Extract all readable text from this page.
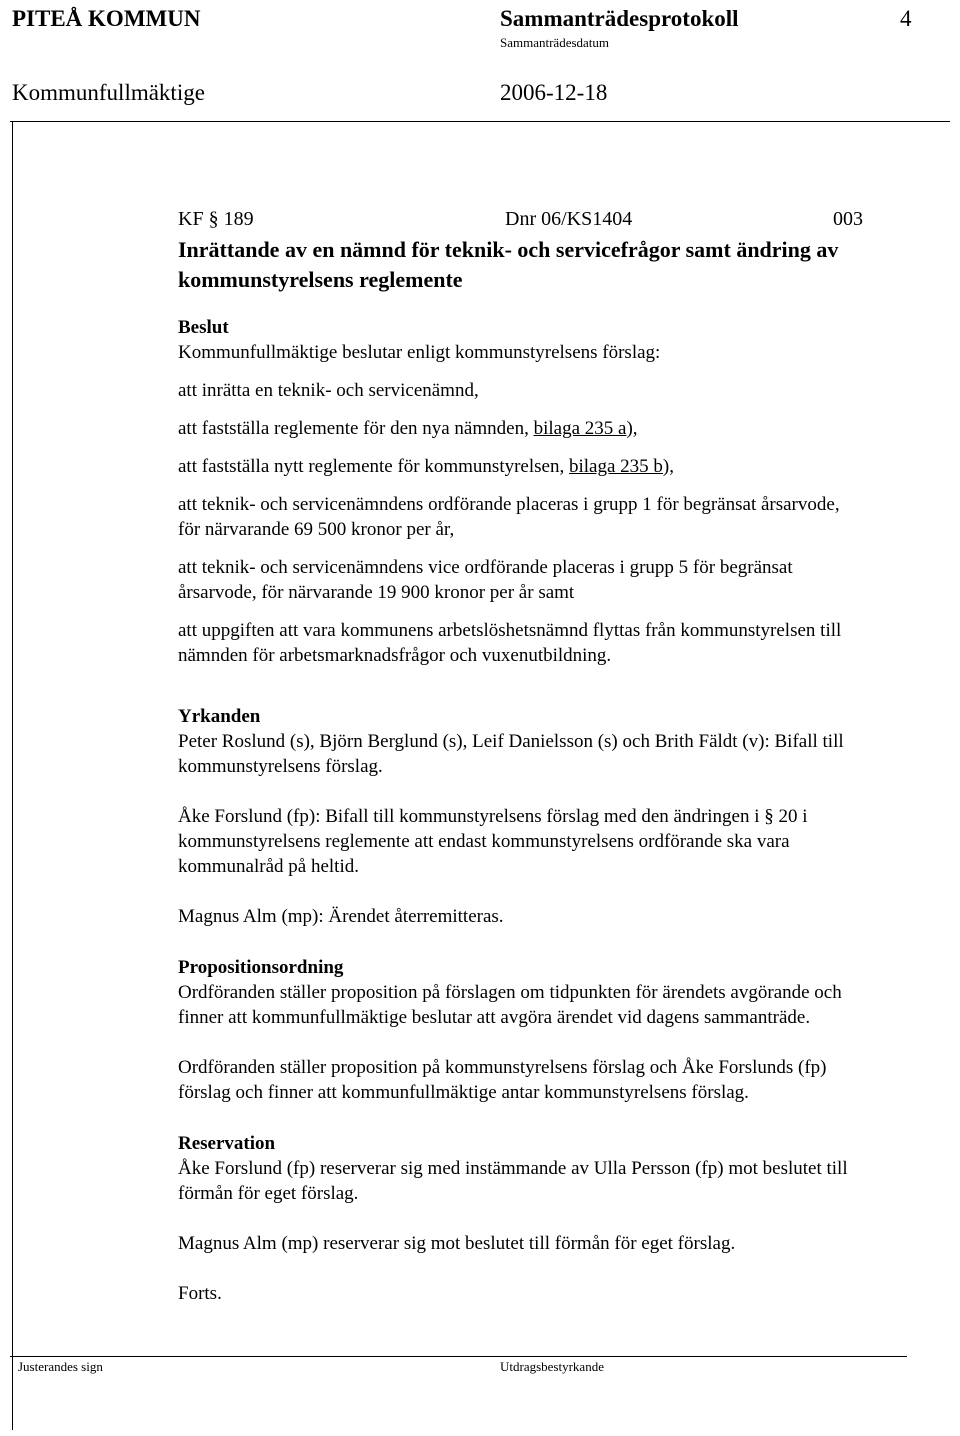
PITEÅ KOMMUN	Sammanträdesprotokoll	4
Sammanträdesdatum
Kommunfullmäktige	2006-12-18
KF § 189	Dnr 06/KS1404	003
Inrättande av en nämnd för teknik- och servicefrågor samt ändring av
kommunstyrelsens reglemente

Beslut

Kommunfullmäktige beslutar enligt kommunstyrelsens förslag:

att inrätta en teknik- och servicenämnd,

att fastställa reglemente för den nya nämnden, bilaga 235 a),

att fastställa nytt reglemente för kommunstyrelsen, bilaga 235 b),

att teknik- och servicenämndens ordförande placeras i grupp 1 för begränsat årsarvode,

för närvarande 69 500 kronor per år,

att teknik- och servicenämndens vice ordförande placeras i grupp 5 för begränsat

årsarvode, för närvarande 19 900 kronor per år samt

att uppgiften att vara kommunens arbetslöshetsnämnd flyttas från kommunstyrelsen till

nämnden för arbetsmarknadsfrågor och vuxenutbildning.

Yrkanden

Peter Roslund (s), Björn Berglund (s), Leif Danielsson (s) och Brith Fäldt (v): Bifall till

kommunstyrelsens förslag.

Åke Forslund (fp): Bifall till kommunstyrelsens förslag med den ändringen i § 20 i

kommunstyrelsens reglemente att endast kommunstyrelsens ordförande ska vara

kommunalråd på heltid.

Magnus Alm (mp): Ärendet återremitteras.

Propositionsordning

Ordföranden ställer proposition på förslagen om tidpunkten för ärendets avgörande och

finner att kommunfullmäktige beslutar att avgöra ärendet vid dagens sammanträde.

Ordföranden ställer proposition på kommunstyrelsens förslag och Åke Forslunds (fp)

förslag och finner att kommunfullmäktige antar kommunstyrelsens förslag.

Reservation

Åke Forslund (fp) reserverar sig med instämmande av Ulla Persson (fp) mot beslutet till

förmån för eget förslag.

Magnus Alm (mp) reserverar sig mot beslutet till förmån för eget förslag.

Forts.

Justerandes sign	Utdragsbestyrkande
